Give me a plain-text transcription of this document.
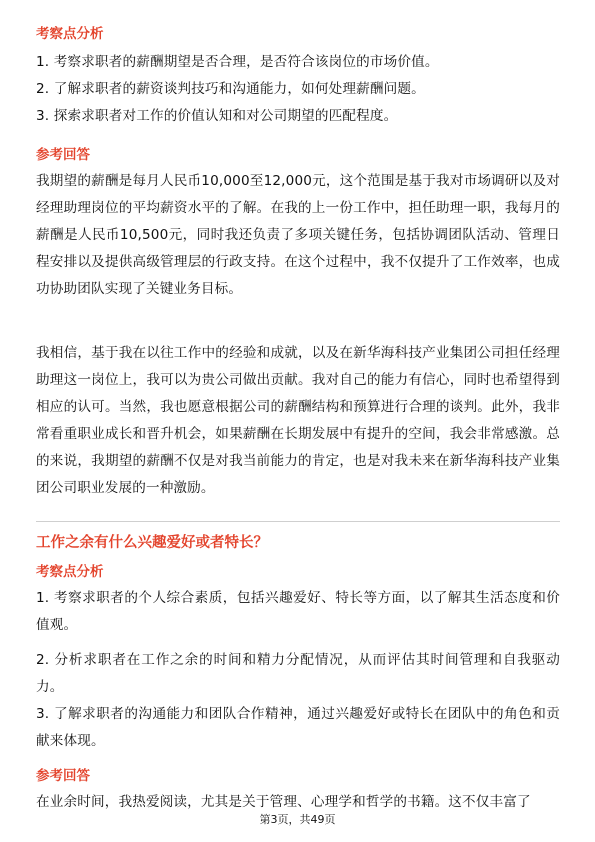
考察点分析

1. 考察求职者的薪酬期望是否合理，是否符合该岗位的市场价值。

2. 了解求职者的薪资谈判技巧和沟通能力，如何处理薪酬问题。

3. 探索求职者对工作的价值认知和对公司期望的匹配程度。

参考回答

我期望的薪酬是每月人民币10,000至12,000元，这个范围是基于我对市场调研以及对经理助理岗位的平均薪资水平的了解。在我的上一份工作中，担任助理一职，我每月的薪酬是人民币10,500元，同时我还负责了多项关键任务，包括协调团队活动、管理日程安排以及提供高级管理层的行政支持。在这个过程中，我不仅提升了工作效率，也成功协助团队实现了关键业务目标。

我相信，基于我在以往工作中的经验和成就，以及在新华海科技产业集团公司担任经理助理这一岗位上，我可以为贵公司做出贡献。我对自己的能力有信心，同时也希望得到相应的认可。当然，我也愿意根据公司的薪酬结构和预算进行合理的谈判。此外，我非常看重职业成长和晋升机会，如果薪酬在长期发展中有提升的空间，我会非常感激。总的来说，我期望的薪酬不仅是对我当前能力的肯定，也是对我未来在新华海科技产业集团公司职业发展的一种激励。

工作之余有什么兴趣爱好或者特长？
考察点分析

1. 考察求职者的个人综合素质，包括兴趣爱好、特长等方面，以了解其生活态度和价值观。

2. 分析求职者在工作之余的时间和精力分配情况，从而评估其时间管理和自我驱动力。

3. 了解求职者的沟通能力和团队合作精神，通过兴趣爱好或特长在团队中的角色和贡献来体现。

参考回答

在业余时间，我热爱阅读，尤其是关于管理、心理学和哲学的书籍。这不仅丰富了

第3页，共49页
